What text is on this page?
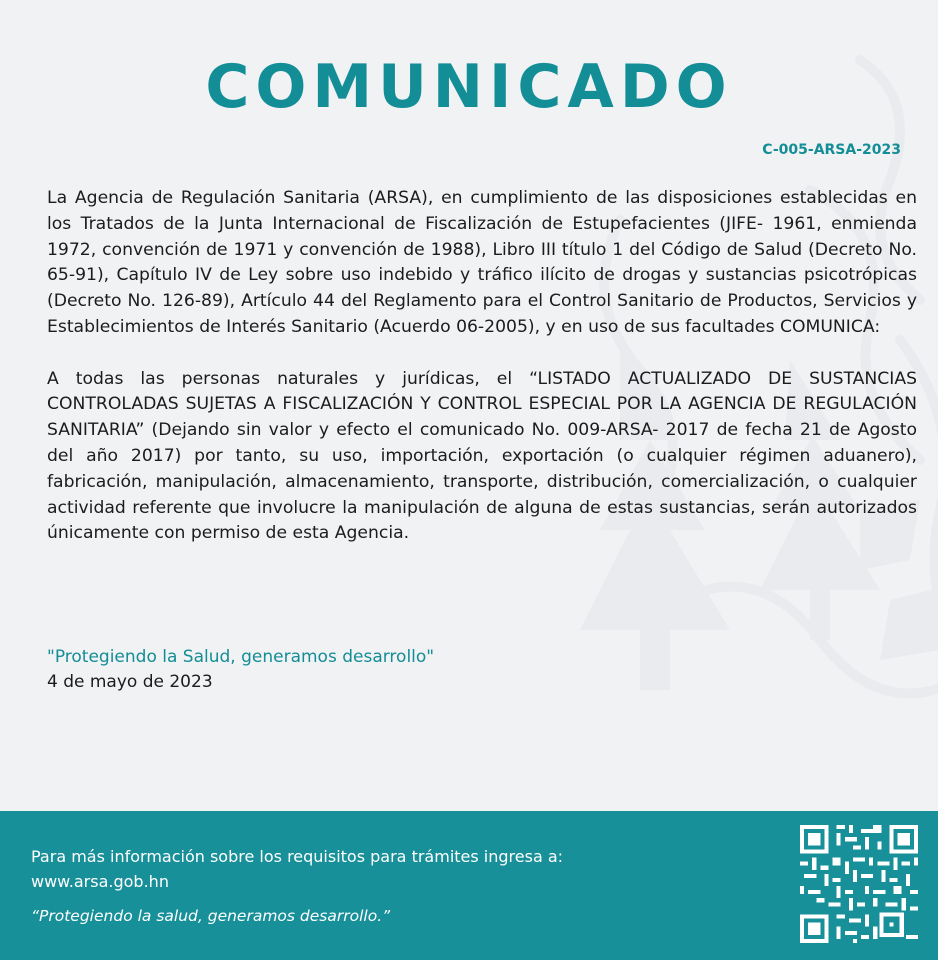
COMUNICADO
C-005-ARSA-2023

La Agencia de Regulación Sanitaria (ARSA), en cumplimiento de las disposiciones establecidas en los Tratados de la Junta Internacional de Fiscalización de Estupefacientes (JIFE- 1961, enmienda 1972, convención de 1971 y convención de 1988), Libro III título 1 del Código de Salud (Decreto No. 65-91), Capítulo IV de Ley sobre uso indebido y tráfico ilícito de drogas y sustancias psicotrópicas (Decreto No. 126-89), Artículo 44 del Reglamento para el Control Sanitario de Productos, Servicios y Establecimientos de Interés Sanitario (Acuerdo 06-2005), y en uso de sus facultades COMUNICA:

A todas las personas naturales y jurídicas, el “LISTADO ACTUALIZADO DE SUSTANCIAS CONTROLADAS SUJETAS A FISCALIZACIÓN Y CONTROL ESPECIAL POR LA AGENCIA DE REGULACIÓN SANITARIA” (Dejando sin valor y efecto el comunicado No. 009-ARSA- 2017 de fecha 21 de Agosto del año 2017) por tanto, su uso, importación, exportación (o cualquier régimen aduanero), fabricación, manipulación, almacenamiento, transporte, distribución, comercialización, o cualquier actividad referente que involucre la manipulación de alguna de estas sustancias, serán autorizados únicamente con permiso de esta Agencia.

"Protegiendo la Salud, generamos desarrollo"

4 de mayo de 2023

Para más información sobre los requisitos para trámites ingresa a:

www.arsa.gob.hn

“Protegiendo la salud, generamos desarrollo.”
